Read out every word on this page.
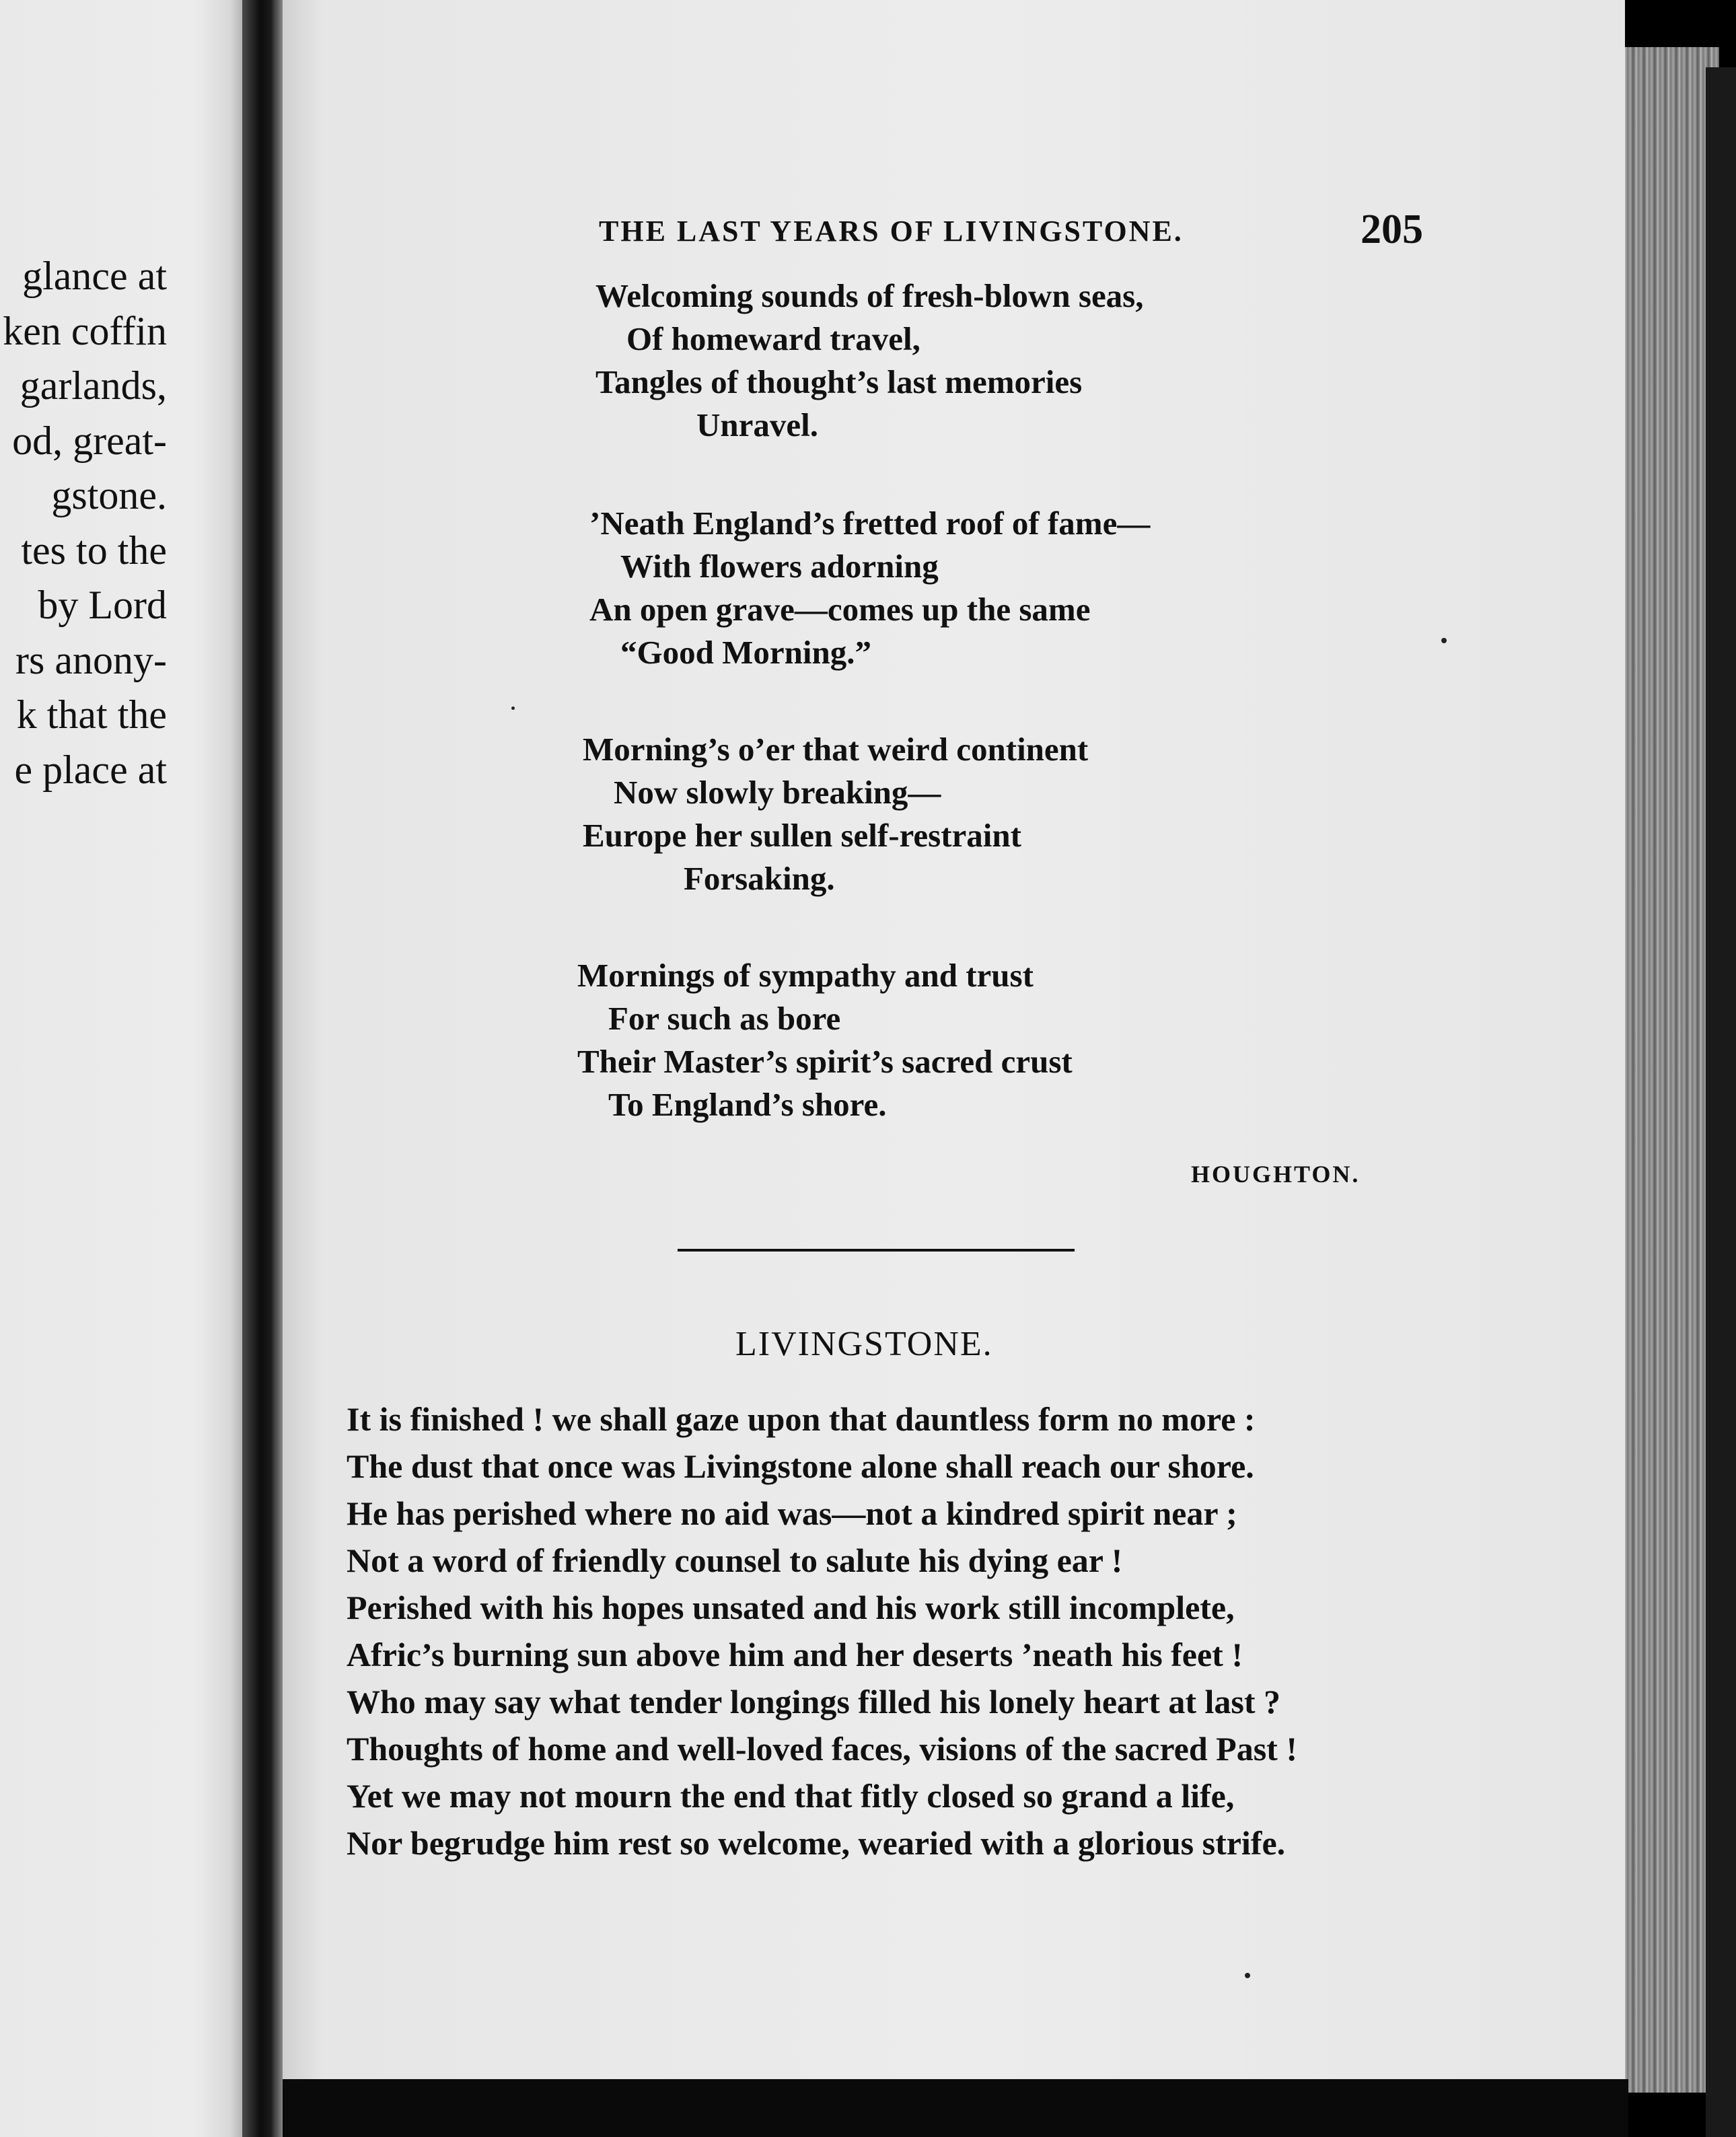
glance at
ken coffin
garlands,
od, great-
gstone.
tes to the
by Lord
rs anony-
k that the
e place at
THE LAST YEARS OF LIVINGSTONE.	205
Welcoming sounds of fresh-blown seas,
Of homeward travel,
Tangles of thought’s last memories
Unravel.
’Neath England’s fretted roof of fame—
With flowers adorning
An open grave—comes up the same
“Good Morning.”
Morning’s o’er that weird continent
Now slowly breaking—
Europe her sullen self-restraint
Forsaking.
Mornings of sympathy and trust
For such as bore
Their Master’s spirit’s sacred crust
To England’s shore.
HOUGHTON.
LIVINGSTONE.
It is finished ! we shall gaze upon that dauntless form no more :
The dust that once was Livingstone alone shall reach our shore.
He has perished where no aid was—not a kindred spirit near ;
Not a word of friendly counsel to salute his dying ear !
Perished with his hopes unsated and his work still incomplete,
Afric’s burning sun above him and her deserts ’neath his feet !
Who may say what tender longings filled his lonely heart at last ?
Thoughts of home and well-loved faces, visions of the sacred Past !
Yet we may not mourn the end that fitly closed so grand a life,
Nor begrudge him rest so welcome, wearied with a glorious strife.
